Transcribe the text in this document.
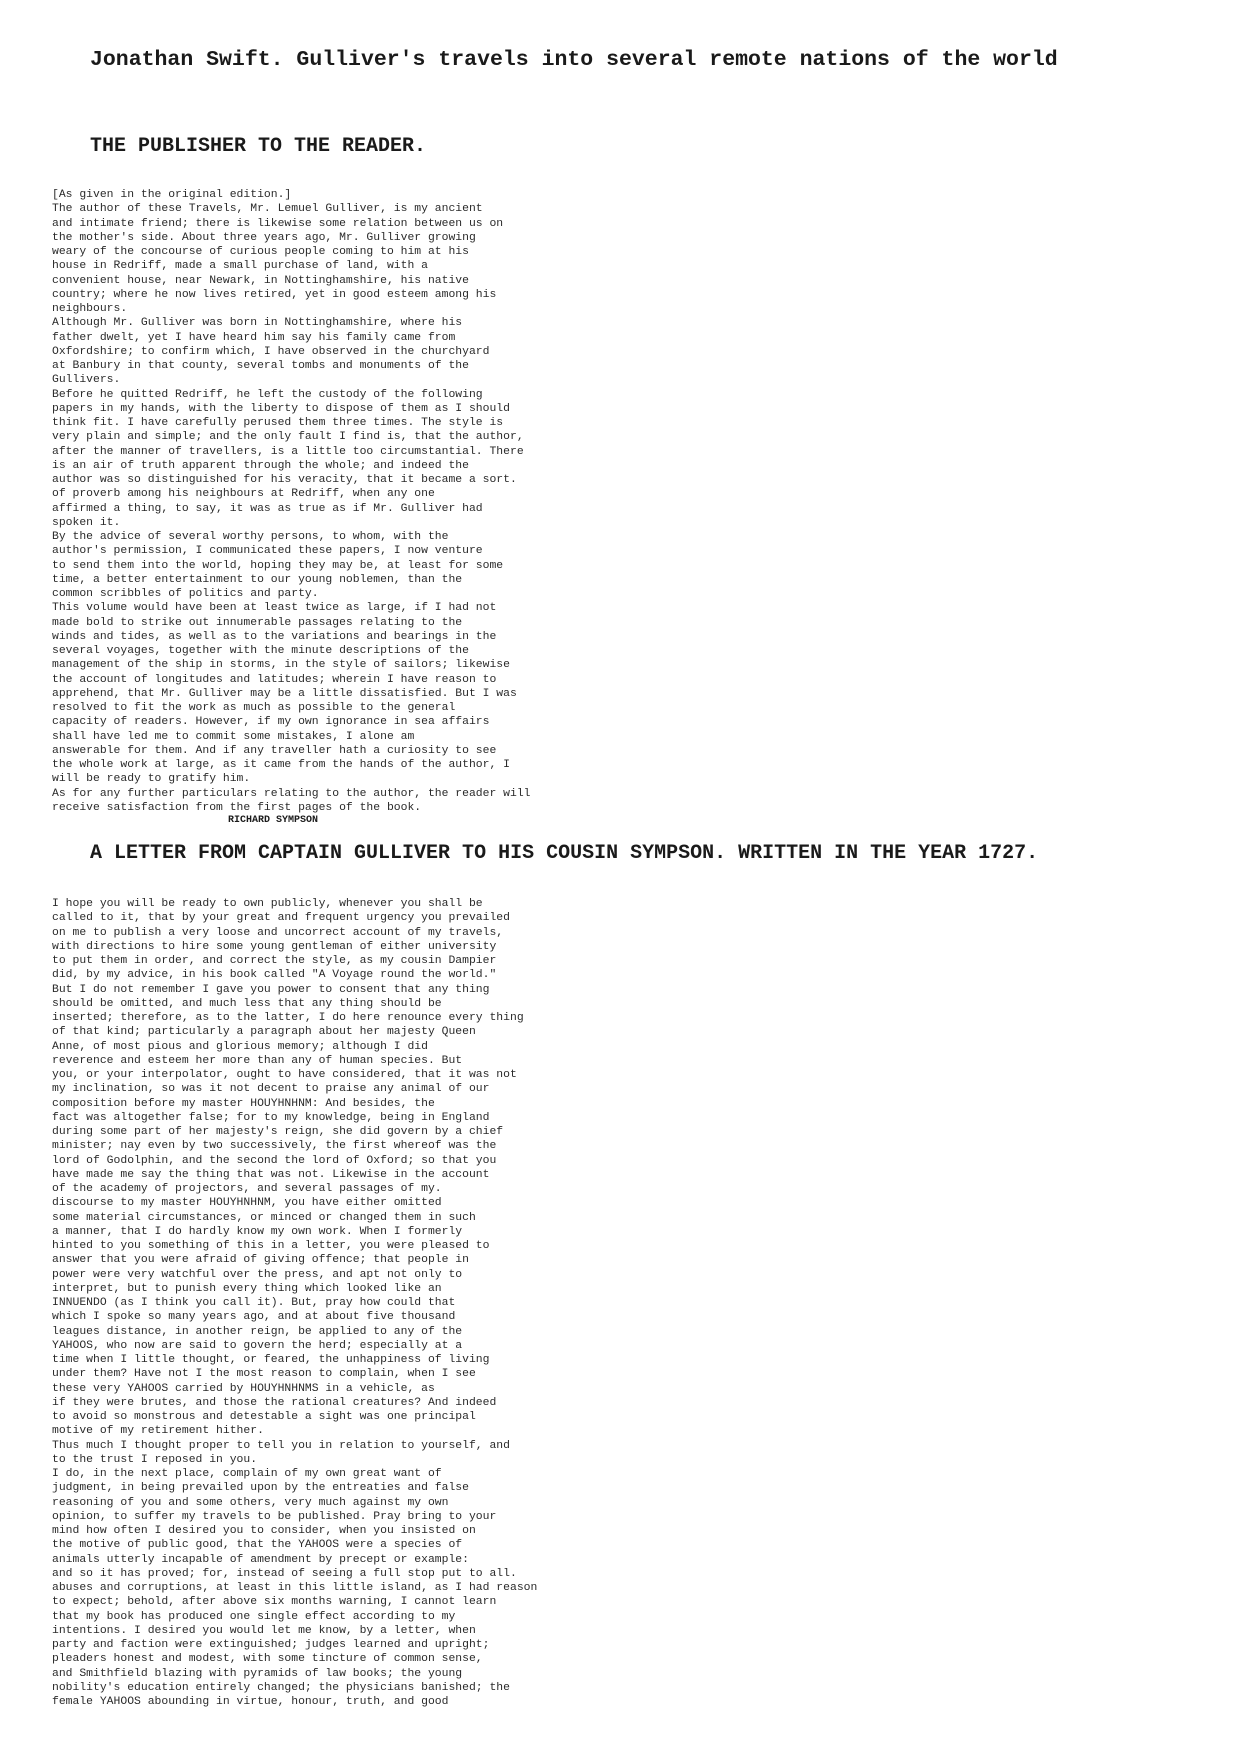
Jonathan Swift. Gulliver's travels into several remote nations of the world
THE PUBLISHER TO THE READER.
[As given in the original edition.]
The author of these Travels, Mr. Lemuel Gulliver, is my ancient
and intimate friend; there is likewise some relation between us on
the mother's side. About three years ago, Mr. Gulliver growing
weary of the concourse of curious people coming to him at his
house in Redriff, made a small purchase of land, with a
convenient house, near Newark, in Nottinghamshire, his native
country; where he now lives retired, yet in good esteem among his
neighbours.
Although Mr. Gulliver was born in Nottinghamshire, where his
father dwelt, yet I have heard him say his family came from
Oxfordshire; to confirm which, I have observed in the churchyard
at Banbury in that county, several tombs and monuments of the
Gullivers.
Before he quitted Redriff, he left the custody of the following
papers in my hands, with the liberty to dispose of them as I should
think fit. I have carefully perused them three times. The style is
very plain and simple; and the only fault I find is, that the author,
after the manner of travellers, is a little too circumstantial. There
is an air of truth apparent through the whole; and indeed the
author was so distinguished for his veracity, that it became a sort.
of proverb among his neighbours at Redriff, when any one
affirmed a thing, to say, it was as true as if Mr. Gulliver had
spoken it.
By the advice of several worthy persons, to whom, with the
author's permission, I communicated these papers, I now venture
to send them into the world, hoping they may be, at least for some
time, a better entertainment to our young noblemen, than the
common scribbles of politics and party.
This volume would have been at least twice as large, if I had not
made bold to strike out innumerable passages relating to the
winds and tides, as well as to the variations and bearings in the
several voyages, together with the minute descriptions of the
management of the ship in storms, in the style of sailors; likewise
the account of longitudes and latitudes; wherein I have reason to
apprehend, that Mr. Gulliver may be a little dissatisfied. But I was
resolved to fit the work as much as possible to the general
capacity of readers. However, if my own ignorance in sea affairs
shall have led me to commit some mistakes, I alone am
answerable for them. And if any traveller hath a curiosity to see
the whole work at large, as it came from the hands of the author, I
will be ready to gratify him.
As for any further particulars relating to the author, the reader will
receive satisfaction from the first pages of the book.
RICHARD SYMPSON
A LETTER FROM CAPTAIN GULLIVER TO HIS COUSIN SYMPSON. WRITTEN IN THE YEAR 1727.
I hope you will be ready to own publicly, whenever you shall be
called to it, that by your great and frequent urgency you prevailed
on me to publish a very loose and uncorrect account of my travels,
with directions to hire some young gentleman of either university
to put them in order, and correct the style, as my cousin Dampier
did, by my advice, in his book called "A Voyage round the world."
But I do not remember I gave you power to consent that any thing
should be omitted, and much less that any thing should be
inserted; therefore, as to the latter, I do here renounce every thing
of that kind; particularly a paragraph about her majesty Queen
Anne, of most pious and glorious memory; although I did
reverence and esteem her more than any of human species. But
you, or your interpolator, ought to have considered, that it was not
my inclination, so was it not decent to praise any animal of our
composition before my master HOUYHNHNM: And besides, the
fact was altogether false; for to my knowledge, being in England
during some part of her majesty's reign, she did govern by a chief
minister; nay even by two successively, the first whereof was the
lord of Godolphin, and the second the lord of Oxford; so that you
have made me say the thing that was not. Likewise in the account
of the academy of projectors, and several passages of my.
discourse to my master HOUYHNHNM, you have either omitted
some material circumstances, or minced or changed them in such
a manner, that I do hardly know my own work. When I formerly
hinted to you something of this in a letter, you were pleased to
answer that you were afraid of giving offence; that people in
power were very watchful over the press, and apt not only to
interpret, but to punish every thing which looked like an
INNUENDO (as I think you call it). But, pray how could that
which I spoke so many years ago, and at about five thousand
leagues distance, in another reign, be applied to any of the
YAHOOS, who now are said to govern the herd; especially at a
time when I little thought, or feared, the unhappiness of living
under them? Have not I the most reason to complain, when I see
these very YAHOOS carried by HOUYHNHNMS in a vehicle, as
if they were brutes, and those the rational creatures? And indeed
to avoid so monstrous and detestable a sight was one principal
motive of my retirement hither.
Thus much I thought proper to tell you in relation to yourself, and
to the trust I reposed in you.
I do, in the next place, complain of my own great want of
judgment, in being prevailed upon by the entreaties and false
reasoning of you and some others, very much against my own
opinion, to suffer my travels to be published. Pray bring to your
mind how often I desired you to consider, when you insisted on
the motive of public good, that the YAHOOS were a species of
animals utterly incapable of amendment by precept or example:
and so it has proved; for, instead of seeing a full stop put to all.
abuses and corruptions, at least in this little island, as I had reason
to expect; behold, after above six months warning, I cannot learn
that my book has produced one single effect according to my
intentions. I desired you would let me know, by a letter, when
party and faction were extinguished; judges learned and upright;
pleaders honest and modest, with some tincture of common sense,
and Smithfield blazing with pyramids of law books; the young
nobility's education entirely changed; the physicians banished; the
female YAHOOS abounding in virtue, honour, truth, and good
